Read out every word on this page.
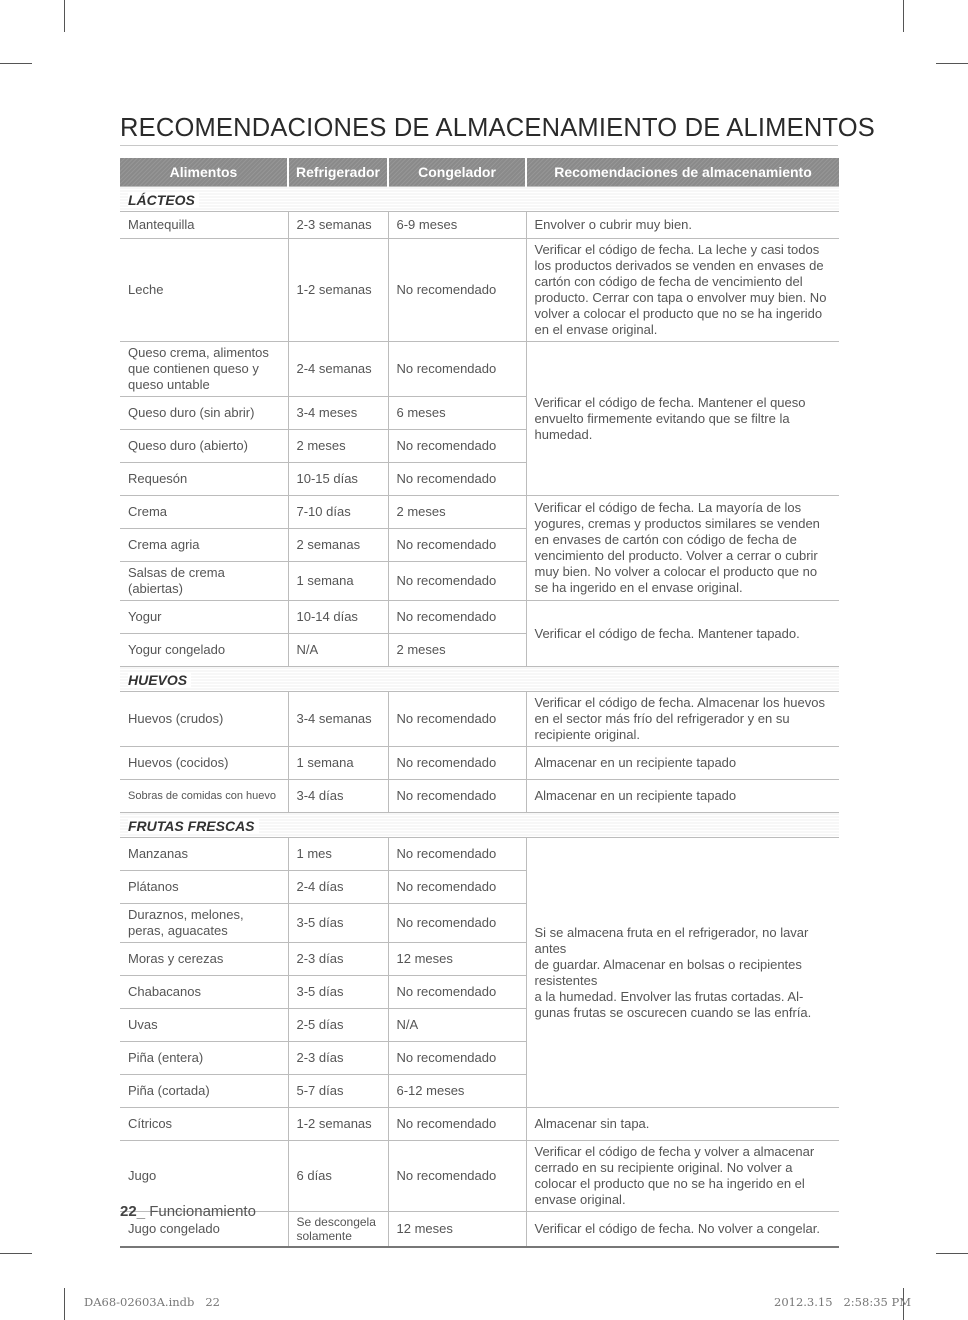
RECOMENDACIONES DE ALMACENAMIENTO DE ALIMENTOS
Alimentos	Refrigerador	Congelador	Recomendaciones de almacenamiento
LÁCTEOS			
Mantequilla	2-3 semanas	6-9 meses	Envolver o cubrir muy bien.
Leche	1-2 semanas	No recomendado	Verificar el código de fecha. La leche y casi todos los productos derivados se venden en envases de cartón con código de fecha de vencimiento del producto. Cerrar con tapa o envolver muy bien. No volver a colocar el producto que no se ha ingerido en el envase original.
Queso crema, alimentos que contienen queso y queso untable	2-4 semanas	No recomendado	Verificar el código de fecha. Mantener el queso envuelto firmemente evitando que se filtre la humedad.
Queso duro (sin abrir)	3-4 meses	6 meses	
Queso duro (abierto)	2 meses	No recomendado	
Requesón	10-15 días	No recomendado	
Crema	7-10 días	2 meses	Verificar el código de fecha. La mayoría de los yogures, cremas y productos similares se venden en envases de cartón con código de fecha de vencimiento del producto. Volver a cerrar o cubrir muy bien. No volver a colocar el producto que no se ha ingerido en el envase original.
Crema agria	2 semanas	No recomendado	
Salsas de crema (abiertas)	1 semana	No recomendado	
Yogur	10-14 días	No recomendado	Verificar el código de fecha. Mantener tapado.
Yogur congelado	N/A	2 meses	
HUEVOS			
Huevos (crudos)	3-4 semanas	No recomendado	Verificar el código de fecha. Almacenar los huevos en el sector más frío del refrigerador y en su recipiente original.
Huevos (cocidos)	1 semana	No recomendado	Almacenar en un recipiente tapado
Sobras de comidas con huevo	3-4 días	No recomendado	Almacenar en un recipiente tapado
FRUTAS FRESCAS			
Manzanas	1 mes	No recomendado	Si se almacena fruta en el refrigerador, no lavar antes
de guardar. Almacenar en bolsas o recipientes resistentes
a la humedad. Envolver las frutas cortadas. Al-gunas frutas se oscurecen cuando se las enfría.
Plátanos	2-4 días	No recomendado	
Duraznos, melones, peras, aguacates	3-5 días	No recomendado	
Moras y cerezas	2-3 días	12 meses	
Chabacanos	3-5 días	No recomendado	
Uvas	2-5 días	N/A	
Piña (entera)	2-3 días	No recomendado	
Piña (cortada)	5-7 días	6-12 meses	
Cítricos	1-2 semanas	No recomendado	Almacenar sin tapa.
Jugo	6 días	No recomendado	Verificar el código de fecha y volver a almacenar cerrado en su recipiente original. No volver a colocar el producto que no se ha ingerido en el envase original.
Jugo congelado	Se descongela solamente	12 meses	Verificar el código de fecha. No volver a congelar.
22_ Funcionamiento
DA68-02603A.indb   22	2012.3.15   2:58:35 PM
